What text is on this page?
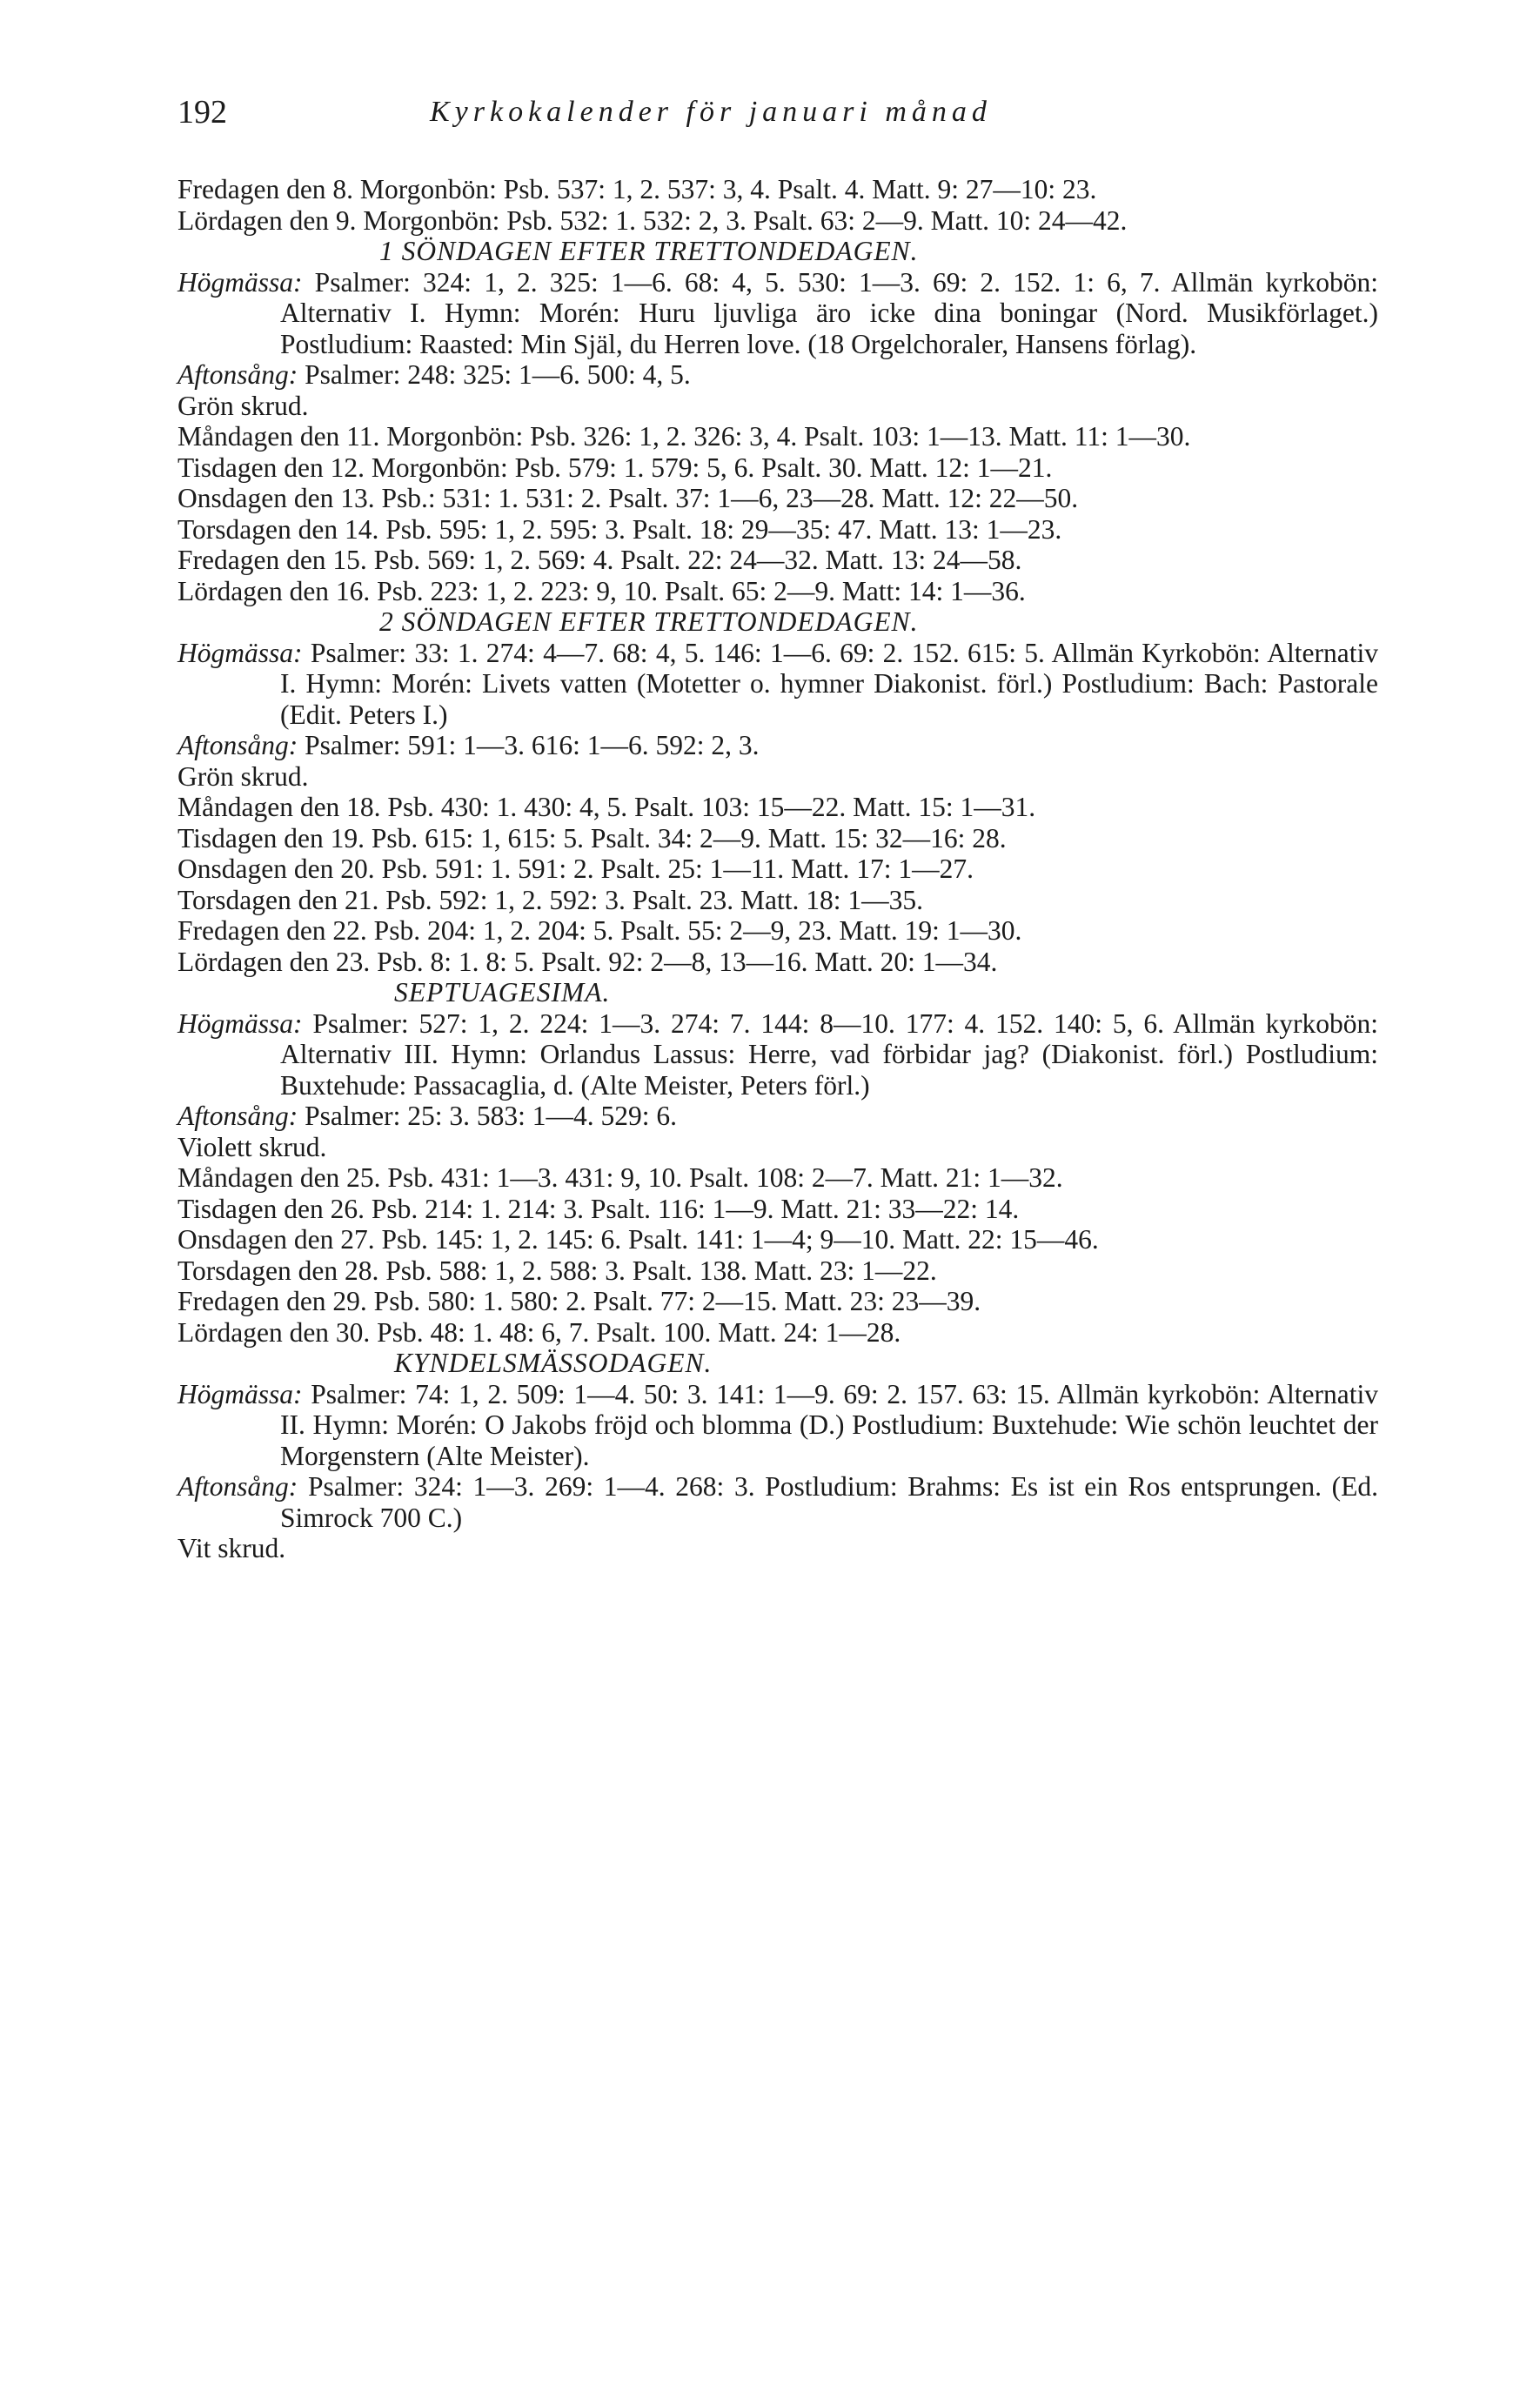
192	Kyrkokalender för januari månad

Fredagen den 8. Morgonbön: Psb. 537: 1, 2. 537: 3, 4. Psalt. 4. Matt. 9: 27—10: 23.

Lördagen den 9. Morgonbön: Psb. 532: 1. 532: 2, 3. Psalt. 63: 2—9. Matt. 10: 24—42.

1 SÖNDAGEN EFTER TRETTONDEDAGEN.

Högmässa: Psalmer: 324: 1, 2. 325: 1—6. 68: 4, 5. 530: 1—3. 69: 2. 152. 1: 6, 7. Allmän kyrkobön: Alternativ I. Hymn: Morén: Huru ljuvliga äro icke dina boningar (Nord. Musikförlaget.) Postludium: Raasted: Min Själ, du Herren love. (18 Orgelchoraler, Hansens förlag).

Aftonsång: Psalmer: 248: 325: 1—6. 500: 4, 5.

Grön skrud.

Måndagen den 11. Morgonbön: Psb. 326: 1, 2. 326: 3, 4. Psalt. 103: 1—13. Matt. 11: 1—30.

Tisdagen den 12. Morgonbön: Psb. 579: 1. 579: 5, 6. Psalt. 30. Matt. 12: 1—21.

Onsdagen den 13. Psb.: 531: 1. 531: 2. Psalt. 37: 1—6, 23—28. Matt. 12: 22—50.

Torsdagen den 14. Psb. 595: 1, 2. 595: 3. Psalt. 18: 29—35: 47. Matt. 13: 1—23.

Fredagen den 15. Psb. 569: 1, 2. 569: 4. Psalt. 22: 24—32. Matt. 13: 24—58.

Lördagen den 16. Psb. 223: 1, 2. 223: 9, 10. Psalt. 65: 2—9. Matt: 14: 1—36.

2 SÖNDAGEN EFTER TRETTONDEDAGEN.

Högmässa: Psalmer: 33: 1. 274: 4—7. 68: 4, 5. 146: 1—6. 69: 2. 152. 615: 5. Allmän Kyrkobön: Alternativ I. Hymn: Morén: Livets vatten (Motetter o. hymner Diakonist. förl.) Postludium: Bach: Pastorale (Edit. Peters I.)

Aftonsång: Psalmer: 591: 1—3. 616: 1—6. 592: 2, 3.

Grön skrud.

Måndagen den 18. Psb. 430: 1. 430: 4, 5. Psalt. 103: 15—22. Matt. 15: 1—31.

Tisdagen den 19. Psb. 615: 1, 615: 5. Psalt. 34: 2—9. Matt. 15: 32—16: 28.

Onsdagen den 20. Psb. 591: 1. 591: 2. Psalt. 25: 1—11. Matt. 17: 1—27.

Torsdagen den 21. Psb. 592: 1, 2. 592: 3. Psalt. 23. Matt. 18: 1—35.

Fredagen den 22. Psb. 204: 1, 2. 204: 5. Psalt. 55: 2—9, 23. Matt. 19: 1—30.

Lördagen den 23. Psb. 8: 1. 8: 5. Psalt. 92: 2—8, 13—16. Matt. 20: 1—34.

SEPTUAGESIMA.

Högmässa: Psalmer: 527: 1, 2. 224: 1—3. 274: 7. 144: 8—10. 177: 4. 152. 140: 5, 6. Allmän kyrkobön: Alternativ III. Hymn: Orlandus Lassus: Herre, vad förbidar jag? (Diakonist. förl.) Postludium: Buxtehude: Passacaglia, d. (Alte Meister, Peters förl.)

Aftonsång: Psalmer: 25: 3. 583: 1—4. 529: 6.

Violett skrud.

Måndagen den 25. Psb. 431: 1—3. 431: 9, 10. Psalt. 108: 2—7. Matt. 21: 1—32.

Tisdagen den 26. Psb. 214: 1. 214: 3. Psalt. 116: 1—9. Matt. 21: 33—22: 14.

Onsdagen den 27. Psb. 145: 1, 2. 145: 6. Psalt. 141: 1—4; 9—10. Matt. 22: 15—46.

Torsdagen den 28. Psb. 588: 1, 2. 588: 3. Psalt. 138. Matt. 23: 1—22.

Fredagen den 29. Psb. 580: 1. 580: 2. Psalt. 77: 2—15. Matt. 23: 23—39.

Lördagen den 30. Psb. 48: 1. 48: 6, 7. Psalt. 100. Matt. 24: 1—28.

KYNDELSMÄSSODAGEN.

Högmässa: Psalmer: 74: 1, 2. 509: 1—4. 50: 3. 141: 1—9. 69: 2. 157. 63: 15. Allmän kyrkobön: Alternativ II. Hymn: Morén: O Jakobs fröjd och blomma (D.) Postludium: Buxtehude: Wie schön leuchtet der Morgenstern (Alte Meister).

Aftonsång: Psalmer: 324: 1—3. 269: 1—4. 268: 3. Postludium: Brahms: Es ist ein Ros entsprungen. (Ed. Simrock 700 C.)

Vit skrud.
